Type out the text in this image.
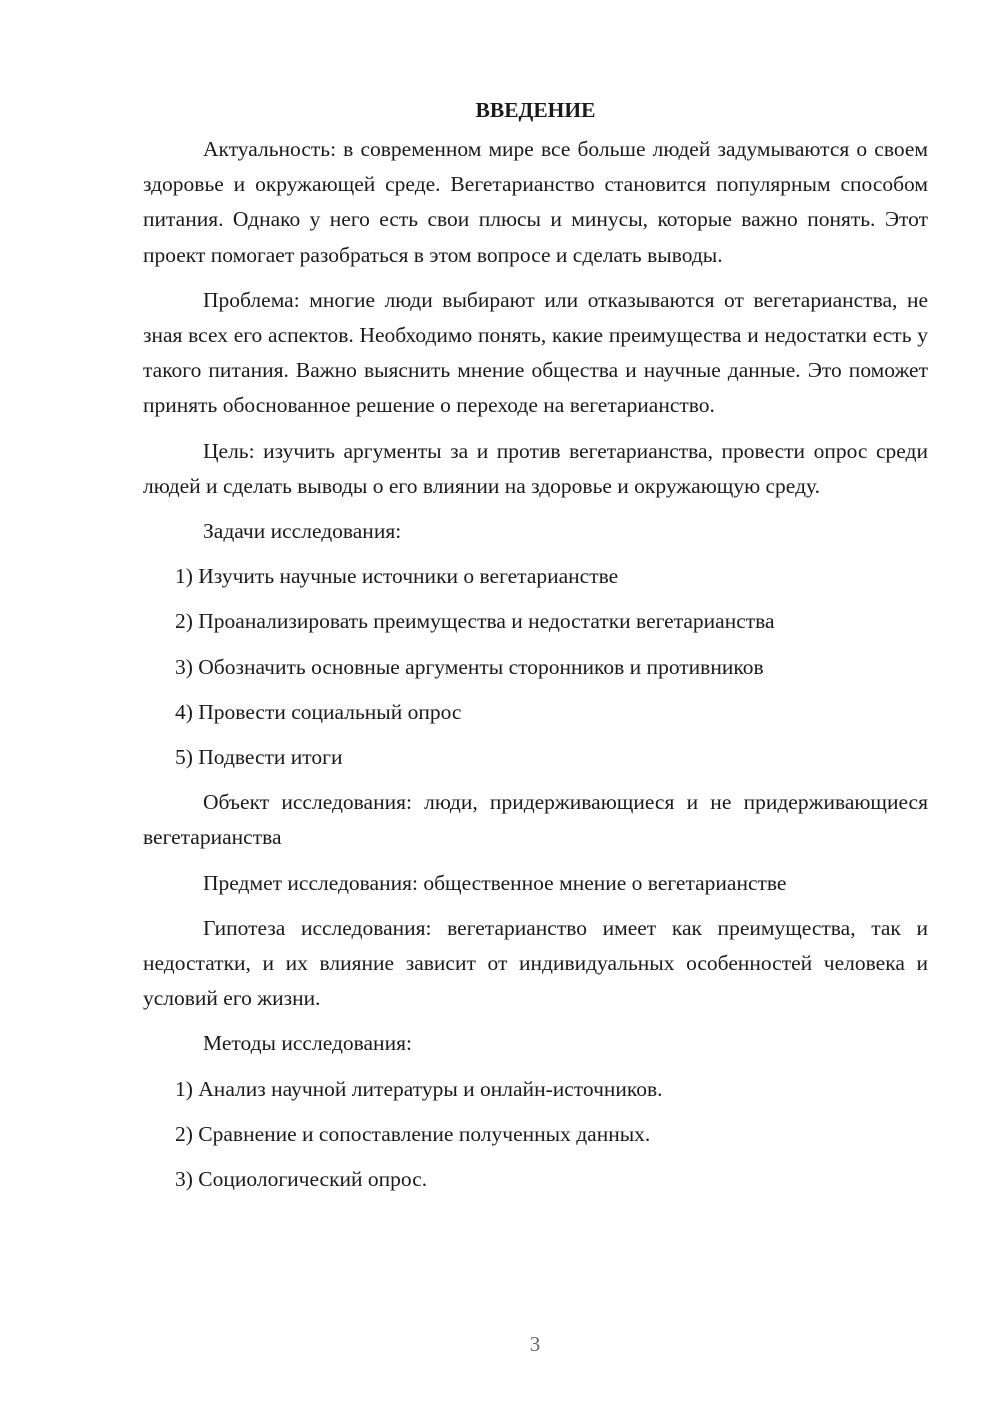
ВВЕДЕНИЕ

Актуальность: в современном мире все больше людей задумываются о своем здоровье и окружающей среде. Вегетарианство становится популярным способом питания. Однако у него есть свои плюсы и минусы, которые важно понять. Этот проект помогает разобраться в этом вопросе и сделать выводы.

Проблема: многие люди выбирают или отказываются от вегетарианства, не зная всех его аспектов. Необходимо понять, какие преимущества и недостатки есть у такого питания. Важно выяснить мнение общества и научные данные. Это поможет принять обоснованное решение о переходе на вегетарианство.

Цель: изучить аргументы за и против вегетарианства, провести опрос среди людей и сделать выводы о его влиянии на здоровье и окружающую среду.

Задачи исследования:

1) Изучить научные источники о вегетарианстве

2) Проанализировать преимущества и недостатки вегетарианства

3) Обозначить основные аргументы сторонников и противников

4) Провести социальный опрос

5) Подвести итоги

Объект исследования: люди, придерживающиеся и не придерживающиеся вегетарианства

Предмет исследования: общественное мнение о вегетарианстве

Гипотеза исследования: вегетарианство имеет как преимущества, так и недостатки, и их влияние зависит от индивидуальных особенностей человека и условий его жизни.

Методы исследования:

1) Анализ научной литературы и онлайн-источников.

2) Сравнение и сопоставление полученных данных.

3) Социологический опрос.

3
